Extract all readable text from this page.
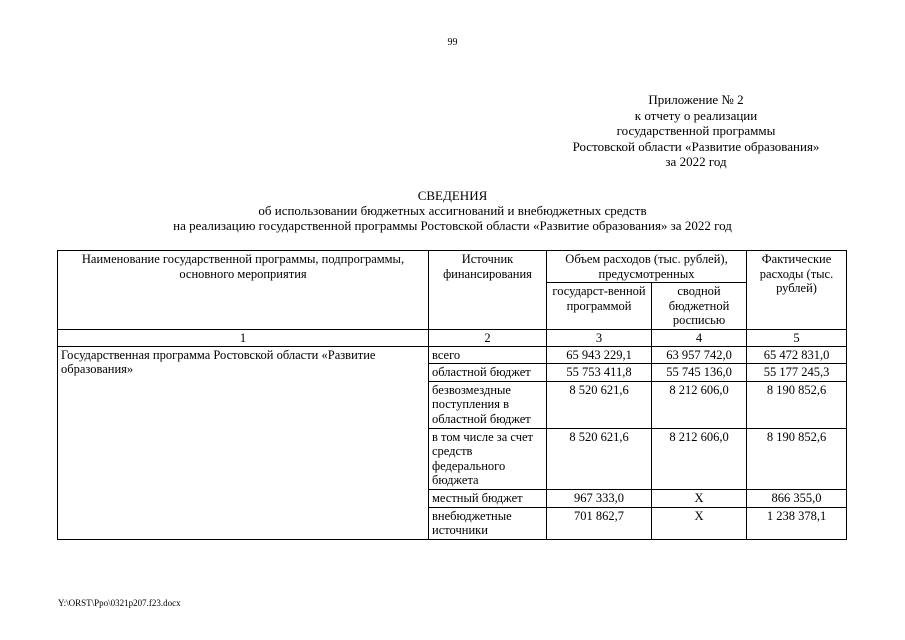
99
Приложение № 2
к отчету о реализации
государственной программы
Ростовской области «Развитие образования»
за 2022 год
СВЕДЕНИЯ
об использовании бюджетных ассигнований и внебюджетных средств
на реализацию государственной программы Ростовской области «Развитие образования» за 2022 год
Наименование государственной программы, подпрограммы, основного мероприятия	Источник финансирования	Объем расходов (тыс. рублей), предусмотренных		Фактические расходы (тыс. рублей)
		государст-венной программой	сводной бюджетной росписью	
1	2	3	4	5
Государственная программа Ростовской области «Развитие образования»	всего	65 943 229,1	63 957 742,0	65 472 831,0
	областной бюджет	55 753 411,8	55 745 136,0	55 177 245,3
	безвозмездные поступления в областной бюджет	8 520 621,6	8 212 606,0	8 190 852,6
	в том числе за счет средств федерального бюджета	8 520 621,6	8 212 606,0	8 190 852,6
	местный бюджет	967 333,0	Х	866 355,0
	внебюджетные источники	701 862,7	Х	1 238 378,1
Y:\ORST\Ppo\0321p207.f23.docx
